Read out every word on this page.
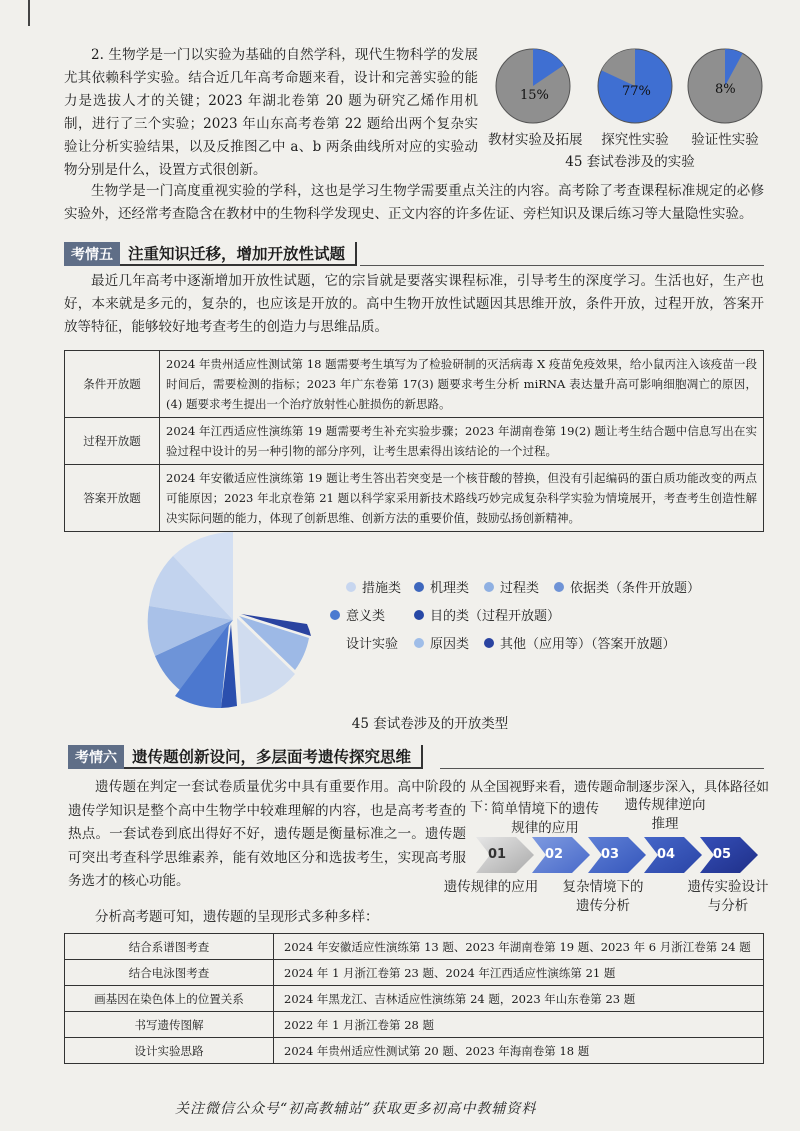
2. 生物学是一门以实验为基础的自然学科，现代生物科学的发展尤其依赖科学实验。结合近几年高考命题来看，设计和完善实验的能力是选拔人才的关键；2023 年湖北卷第 20 题为研究乙烯作用机制，进行了三个实验；2023 年山东高考卷第 22 题给出两个复杂实验让分析实验结果，以及反推图乙中 a、b 两条曲线所对应的实验动物分别是什么，设置方式很创新。
15%
教材实验及拓展
77%
探究性实验
8%
验证性实验
45 套试卷涉及的实验
生物学是一门高度重视实验的学科，这也是学习生物学需要重点关注的内容。高考除了考查课程标准规定的必修实验外，还经常考查隐含在教材中的生物科学发现史、正文内容的许多佐证、旁栏知识及课后练习等大量隐性实验。
考情五 注重知识迁移，增加开放性试题
最近几年高考中逐渐增加开放性试题，它的宗旨就是要落实课程标准，引导考生的深度学习。生活也好，生产也好，本来就是多元的，复杂的，也应该是开放的。高中生物开放性试题因其思维开放，条件开放，过程开放，答案开放等特征，能够较好地考查考生的创造力与思维品质。
条件开放题	2024 年贵州适应性测试第 18 题需要考生填写为了检验研制的灭活病毒 X 疫苗免疫效果，给小鼠丙注入该疫苗一段时间后，需要检测的指标；2023 年广东卷第 17(3) 题要求考生分析 miRNA 表达量升高可影响细胞凋亡的原因，(4) 题要求考生提出一个治疗放射性心脏损伤的新思路。
过程开放题	2024 年江西适应性演练第 19 题需要考生补充实验步骤；2023 年湖南卷第 19(2) 题让考生结合题中信息写出在实验过程中设计的另一种引物的部分序列，让考生思索得出该结论的一个过程。
答案开放题	2024 年安徽适应性演练第 19 题让考生答出若突变是一个核苷酸的替换，但没有引起编码的蛋白质功能改变的两点可能原因；2023 年北京卷第 21 题以科学家采用新技术路线巧妙完成复杂科学实验为情境展开，考查考生创造性解决实际问题的能力，体现了创新思维、创新方法的重要价值，鼓励弘扬创新精神。
措施类 机理类 过程类 依据类（条件开放题）
意义类	目的类（过程开放题）
设计实验 原因类 其他（应用等）（答案开放题）
45 套试卷涉及的开放类型
考情六 遗传题创新设问，多层面考遗传探究思维
遗传题在判定一套试卷质量优劣中具有重要作用。高中阶段的遗传学知识是整个高中生物学中较难理解的内容，也是高考考查的热点。一套试卷到底出得好不好，遗传题是衡量标准之一。遗传题可突出考查科学思维素养，能有效地区分和选拔考生，实现高考服务选才的核心功能。
从全国视野来看，遗传题命制逐步深入，具体路径如下：
简单情境下的遗传
规律的应用
遗传规律逆向
推理
01	02	03	04	05
遗传规律的应用	复杂情境下的
遗传分析
遗传实验设计
与分析
分析高考题可知，遗传题的呈现形式多种多样：
结合系谱图考查	2024 年安徽适应性演练第 13 题、2023 年湖南卷第 19 题、2023 年 6 月浙江卷第 24 题
结合电泳图考查	2024 年 1 月浙江卷第 23 题、2024 年江西适应性演练第 21 题
画基因在染色体上的位置关系	2024 年黑龙江、吉林适应性演练第 24 题，2023 年山东卷第 23 题
书写遗传图解	2022 年 1 月浙江卷第 28 题
设计实验思路	2024 年贵州适应性测试第 20 题、2023 年海南卷第 18 题
关注微信公众号“初高教辅站”获取更多初高中教辅资料
